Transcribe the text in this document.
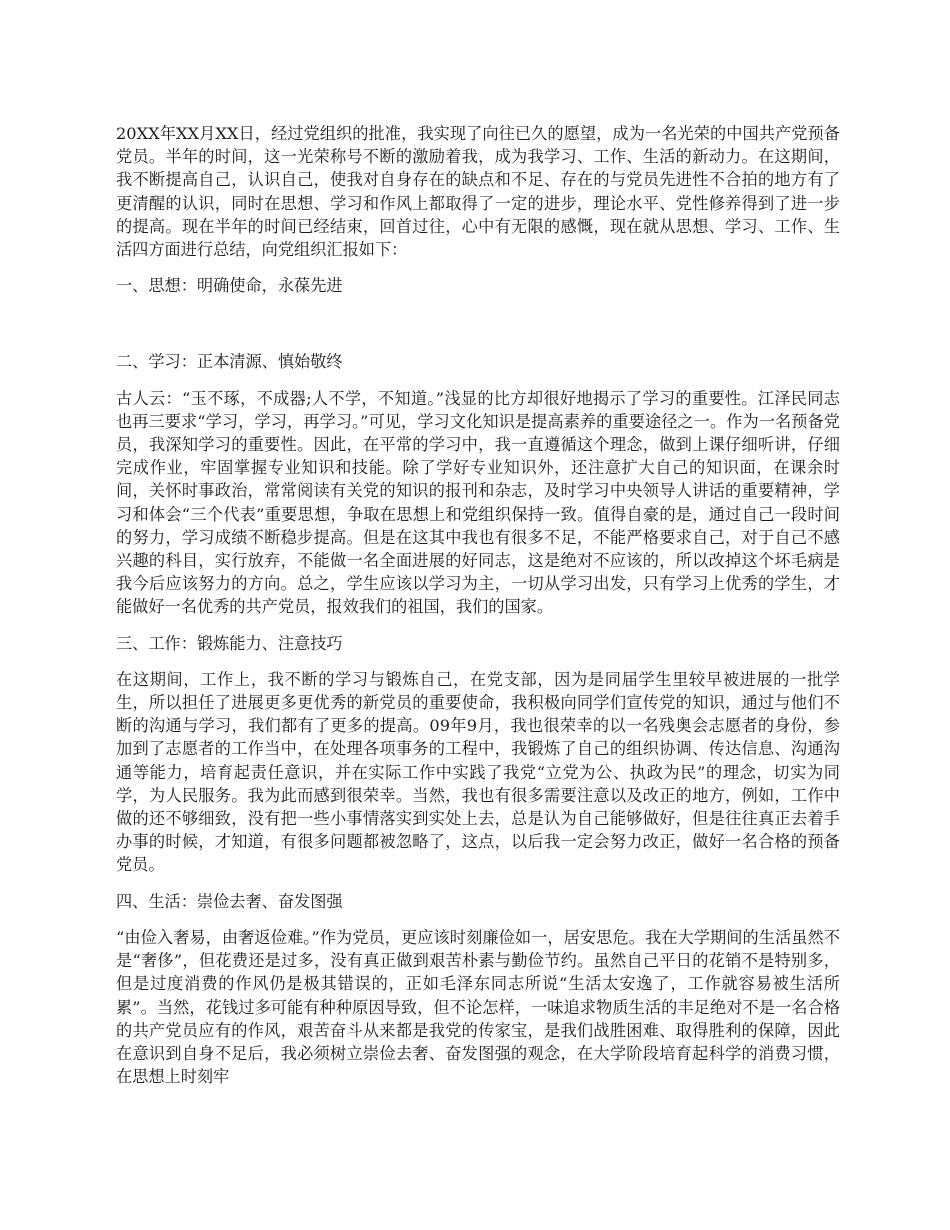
20XX年XX月XX日，经过党组织的批准，我实现了向往已久的愿望，成为一名光荣的中国共产党预备党员。半年的时间，这一光荣称号不断的激励着我，成为我学习、工作、生活的新动力。在这期间，我不断提高自己，认识自己，使我对自身存在的缺点和不足、存在的与党员先进性不合拍的地方有了更清醒的认识，同时在思想、学习和作风上都取得了一定的进步，理论水平、党性修养得到了进一步的提高。现在半年的时间已经结束，回首过往，心中有无限的感慨，现在就从思想、学习、工作、生活四方面进行总结，向党组织汇报如下：

一、思想：明确使命，永葆先进

二、学习：正本清源、慎始敬终

古人云：“玉不琢，不成器;人不学，不知道。”浅显的比方却很好地揭示了学习的重要性。江泽民同志也再三要求“学习，学习，再学习。”可见，学习文化知识是提高素养的重要途径之一。作为一名预备党员，我深知学习的重要性。因此，在平常的学习中，我一直遵循这个理念，做到上课仔细听讲，仔细完成作业，牢固掌握专业知识和技能。除了学好专业知识外，还注意扩大自己的知识面，在课余时间，关怀时事政治，常常阅读有关党的知识的报刊和杂志，及时学习中央领导人讲话的重要精神，学习和体会“三个代表”重要思想，争取在思想上和党组织保持一致。值得自豪的是，通过自己一段时间的努力，学习成绩不断稳步提高。但是在这其中我也有很多不足，不能严格要求自己，对于自己不感兴趣的科目，实行放弃，不能做一名全面进展的好同志，这是绝对不应该的，所以改掉这个坏毛病是我今后应该努力的方向。总之，学生应该以学习为主，一切从学习出发，只有学习上优秀的学生，才能做好一名优秀的共产党员，报效我们的祖国，我们的国家。

三、工作：锻炼能力、注意技巧

在这期间，工作上，我不断的学习与锻炼自己，在党支部，因为是同届学生里较早被进展的一批学生，所以担任了进展更多更优秀的新党员的重要使命，我积极向同学们宣传党的知识，通过与他们不断的沟通与学习，我们都有了更多的提高。09年9月，我也很荣幸的以一名残奥会志愿者的身份，参加到了志愿者的工作当中，在处理各项事务的工程中，我锻炼了自己的组织协调、传达信息、沟通沟通等能力，培育起责任意识，并在实际工作中实践了我党“立党为公、执政为民”的理念，切实为同学，为人民服务。我为此而感到很荣幸。当然，我也有很多需要注意以及改正的地方，例如，工作中做的还不够细致，没有把一些小事情落实到实处上去，总是认为自己能够做好，但是往往真正去着手办事的时候，才知道，有很多问题都被忽略了，这点，以后我一定会努力改正，做好一名合格的预备党员。

四、生活：崇俭去奢、奋发图强

“由俭入奢易，由奢返俭难。”作为党员，更应该时刻廉俭如一，居安思危。我在大学期间的生活虽然不是“奢侈”，但花费还是过多，没有真正做到艰苦朴素与勤俭节约。虽然自己平日的花销不是特别多，但是过度消费的作风仍是极其错误的，正如毛泽东同志所说“生活太安逸了，工作就容易被生活所累”。当然，花钱过多可能有种种原因导致，但不论怎样，一味追求物质生活的丰足绝对不是一名合格的共产党员应有的作风，艰苦奋斗从来都是我党的传家宝，是我们战胜困难、取得胜利的保障，因此在意识到自身不足后，我必须树立崇俭去奢、奋发图强的观念，在大学阶段培育起科学的消费习惯，在思想上时刻牢
